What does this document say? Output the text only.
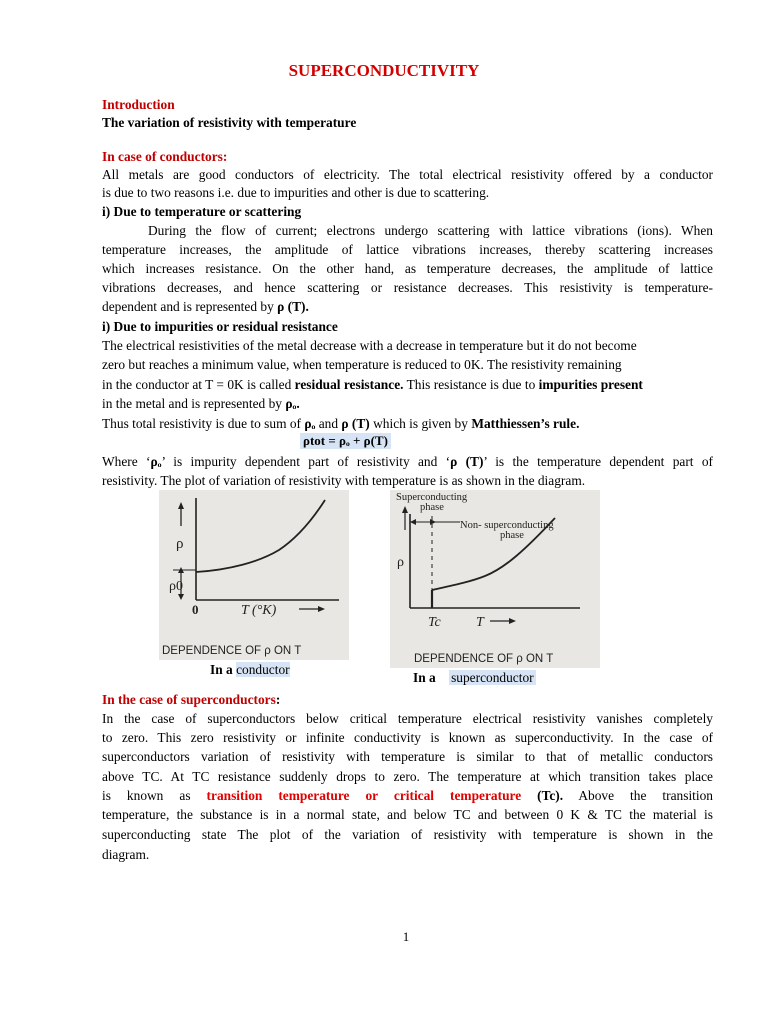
SUPERCONDUCTIVITY
Introduction
The variation of resistivity with temperature
In case of conductors:
All metals are good conductors of electricity. The total electrical resistivity offered by a conductor
is due to two reasons i.e. due to impurities and other is due to scattering.
i) Due to temperature or scattering
During the flow of current; electrons undergo scattering with lattice vibrations (ions). When
temperature increases, the amplitude of lattice vibrations increases, thereby scattering increases
which increases resistance. On the other hand, as temperature decreases, the amplitude of lattice
vibrations decreases, and hence scattering or resistance decreases. This resistivity is temperature-
dependent and is represented by ρ (T).
i) Due to impurities or residual resistance
The electrical resistivities of the metal decrease with a decrease in temperature but it do not become
zero but reaches a minimum value, when temperature is reduced to 0K. The resistivity remaining
in the conductor at T = 0K is called residual resistance. This resistance is due to impurities present
in the metal and is represented by ρₒ.
Thus total resistivity is due to sum of ρₒ and ρ (T) which is given by Matthiessen’s rule.
ρtot = ρₒ + ρ(T)
Where ‘ρₒ’ is impurity dependent part of resistivity and ‘ρ (T)’ is the temperature dependent part of
resistivity. The plot of variation of resistivity with temperature is as shown in the diagram.
ρ
ρ0
0	T (°K)
DEPENDENCE OF ρ ON T
In a conductor
Superconducting
phase
Non- superconducting
phase
ρ
Tc	T
DEPENDENCE OF ρ ON T
In a superconductor
In the case of superconductors:
In the case of superconductors below critical temperature electrical resistivity vanishes completely
to zero. This zero resistivity or infinite conductivity is known as superconductivity. In the case of
superconductors variation of resistivity with temperature is similar to that of metallic conductors
above TC. At TC resistance suddenly drops to zero. The temperature at which transition takes place
is known as transition temperature or critical temperature (Tc). Above the transition
temperature, the substance is in a normal state, and below TC and between 0 K & TC the material is
superconducting state The plot of the variation of resistivity with temperature is shown in the
diagram.
1
